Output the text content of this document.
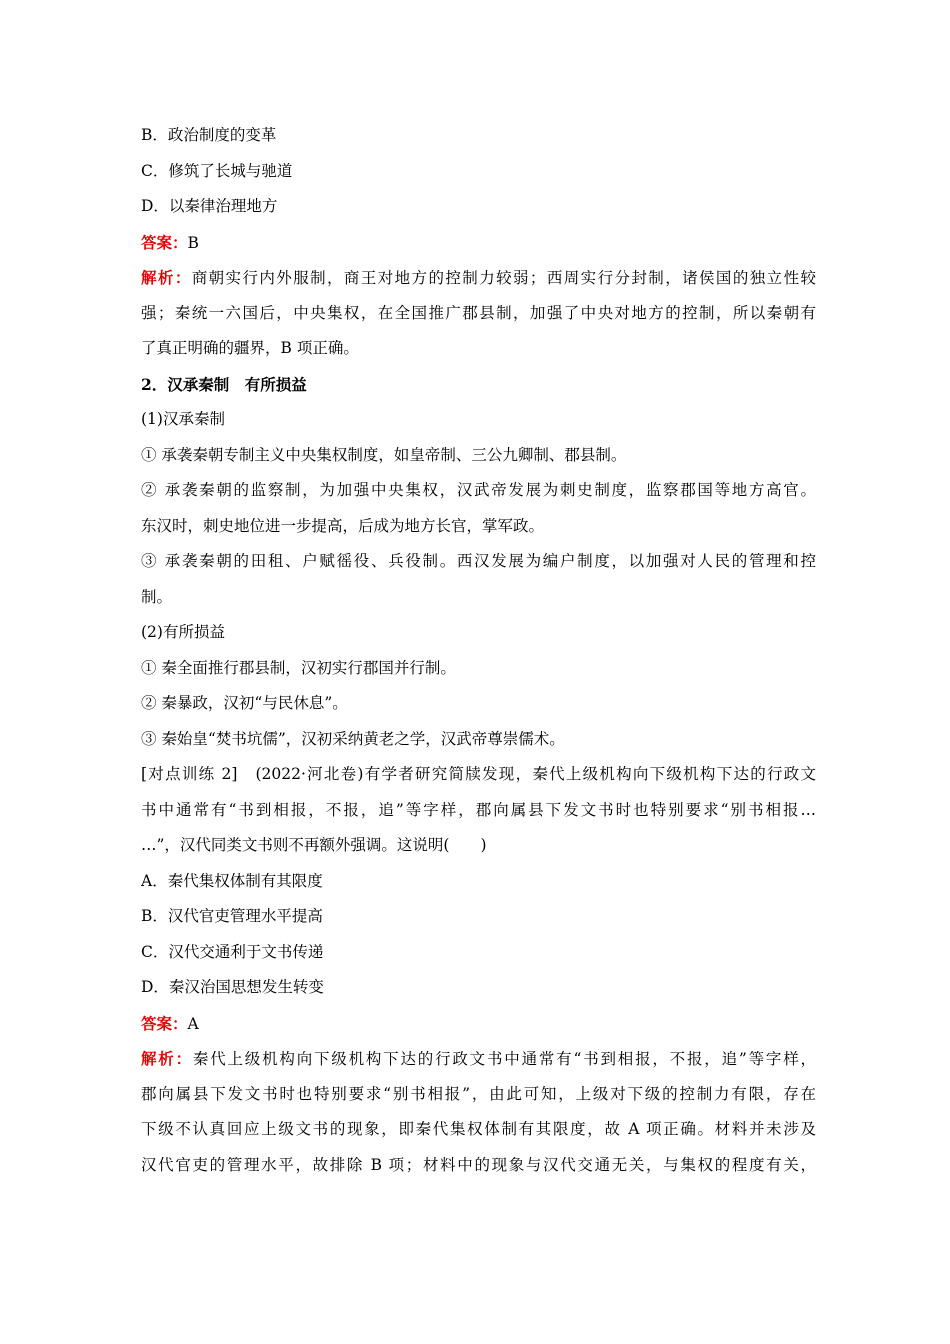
B．政治制度的变革
C．修筑了长城与驰道
D．以秦律治理地方
答案：B
解析：商朝实行内外服制，商王对地方的控制力较弱；西周实行分封制，诸侯国的独立性较
强；秦统一六国后，中央集权，在全国推广郡县制，加强了中央对地方的控制，所以秦朝有
了真正明确的疆界，B 项正确。
2．汉承秦制　有所损益
(1)汉承秦制
① 承袭秦朝专制主义中央集权制度，如皇帝制、三公九卿制、郡县制。
② 承袭秦朝的监察制，为加强中央集权，汉武帝发展为刺史制度，监察郡国等地方高官。
东汉时，刺史地位进一步提高，后成为地方长官，掌军政。
③ 承袭秦朝的田租、户赋徭役、兵役制。西汉发展为编户制度，以加强对人民的管理和控
制。
(2)有所损益
① 秦全面推行郡县制，汉初实行郡国并行制。
② 秦暴政，汉初“与民休息”。
③ 秦始皇“焚书坑儒”，汉初采纳黄老之学，汉武帝尊崇儒术。
[对点训练 2]　(2022·河北卷)有学者研究简牍发现，秦代上级机构向下级机构下达的行政文
书中通常有“书到相报，不报，追”等字样，郡向属县下发文书时也特别要求“别书相报…
…”，汉代同类文书则不再额外强调。这说明(　　)
A．秦代集权体制有其限度
B．汉代官吏管理水平提高
C．汉代交通利于文书传递
D．秦汉治国思想发生转变
答案：A
解析：秦代上级机构向下级机构下达的行政文书中通常有“书到相报，不报，追”等字样，
郡向属县下发文书时也特别要求“别书相报”，由此可知，上级对下级的控制力有限，存在
下级不认真回应上级文书的现象，即秦代集权体制有其限度，故 A 项正确。材料并未涉及
汉代官吏的管理水平，故排除 B 项；材料中的现象与汉代交通无关，与集权的程度有关，
